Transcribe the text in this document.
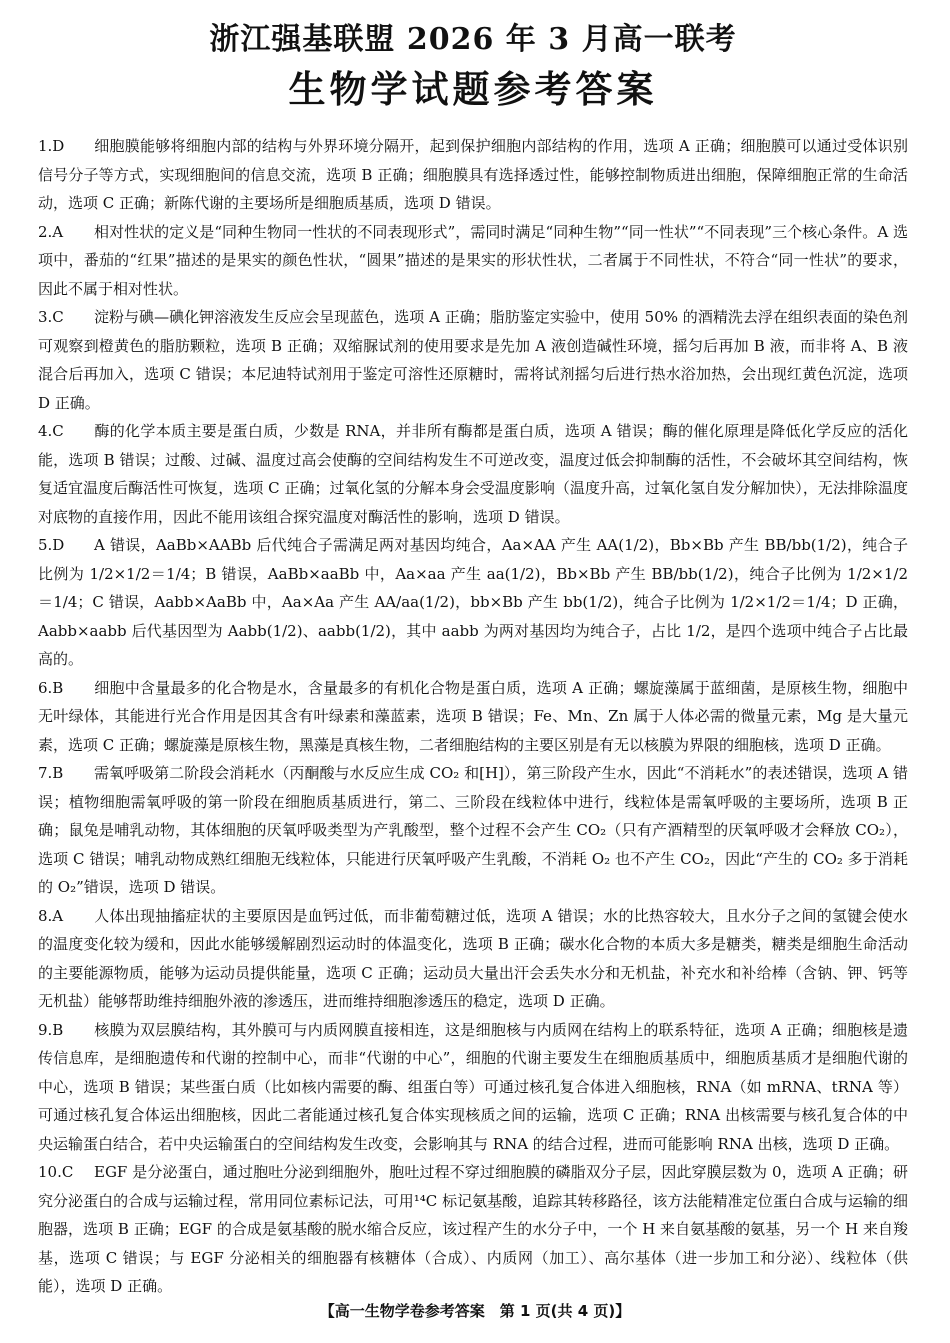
浙江强基联盟 2026 年 3 月高一联考
生物学试题参考答案

1.D 细胞膜能够将细胞内部的结构与外界环境分隔开，起到保护细胞内部结构的作用，选项 A 正确；细胞膜可以通过受体识别信号分子等方式，实现细胞间的信息交流，选项 B 正确；细胞膜具有选择透过性，能够控制物质进出细胞，保障细胞正常的生命活动，选项 C 正确；新陈代谢的主要场所是细胞质基质，选项 D 错误。

2.A 相对性状的定义是“同种生物同一性状的不同表现形式”，需同时满足“同种生物”“同一性状”“不同表现”三个核心条件。A 选项中，番茄的“红果”描述的是果实的颜色性状，“圆果”描述的是果实的形状性状，二者属于不同性状，不符合“同一性状”的要求，因此不属于相对性状。

3.C 淀粉与碘—碘化钾溶液发生反应会呈现蓝色，选项 A 正确；脂肪鉴定实验中，使用 50% 的酒精洗去浮在组织表面的染色剂可观察到橙黄色的脂肪颗粒，选项 B 正确；双缩脲试剂的使用要求是先加 A 液创造碱性环境，摇匀后再加 B 液，而非将 A、B 液混合后再加入，选项 C 错误；本尼迪特试剂用于鉴定可溶性还原糖时，需将试剂摇匀后进行热水浴加热，会出现红黄色沉淀，选项 D 正确。

4.C 酶的化学本质主要是蛋白质，少数是 RNA，并非所有酶都是蛋白质，选项 A 错误；酶的催化原理是降低化学反应的活化能，选项 B 错误；过酸、过碱、温度过高会使酶的空间结构发生不可逆改变，温度过低会抑制酶的活性，不会破坏其空间结构，恢复适宜温度后酶活性可恢复，选项 C 正确；过氧化氢的分解本身会受温度影响（温度升高，过氧化氢自发分解加快），无法排除温度对底物的直接作用，因此不能用该组合探究温度对酶活性的影响，选项 D 错误。

5.D A 错误，AaBb×AABb 后代纯合子需满足两对基因均纯合，Aa×AA 产生 AA(1/2)，Bb×Bb 产生 BB/bb(1/2)，纯合子比例为 1/2×1/2＝1/4；B 错误，AaBb×aaBb 中，Aa×aa 产生 aa(1/2)，Bb×Bb 产生 BB/bb(1/2)，纯合子比例为 1/2×1/2＝1/4；C 错误，Aabb×AaBb 中，Aa×Aa 产生 AA/aa(1/2)，bb×Bb 产生 bb(1/2)，纯合子比例为 1/2×1/2＝1/4；D 正确，Aabb×aabb 后代基因型为 Aabb(1/2)、aabb(1/2)，其中 aabb 为两对基因均为纯合子，占比 1/2，是四个选项中纯合子占比最高的。

6.B 细胞中含量最多的化合物是水，含量最多的有机化合物是蛋白质，选项 A 正确；螺旋藻属于蓝细菌，是原核生物，细胞中无叶绿体，其能进行光合作用是因其含有叶绿素和藻蓝素，选项 B 错误；Fe、Mn、Zn 属于人体必需的微量元素，Mg 是大量元素，选项 C 正确；螺旋藻是原核生物，黑藻是真核生物，二者细胞结构的主要区别是有无以核膜为界限的细胞核，选项 D 正确。

7.B 需氧呼吸第二阶段会消耗水（丙酮酸与水反应生成 CO₂ 和[H]），第三阶段产生水，因此“不消耗水”的表述错误，选项 A 错误；植物细胞需氧呼吸的第一阶段在细胞质基质进行，第二、三阶段在线粒体中进行，线粒体是需氧呼吸的主要场所，选项 B 正确；鼠兔是哺乳动物，其体细胞的厌氧呼吸类型为产乳酸型，整个过程不会产生 CO₂（只有产酒精型的厌氧呼吸才会释放 CO₂），选项 C 错误；哺乳动物成熟红细胞无线粒体，只能进行厌氧呼吸产生乳酸，不消耗 O₂ 也不产生 CO₂，因此“产生的 CO₂ 多于消耗的 O₂”错误，选项 D 错误。

8.A 人体出现抽搐症状的主要原因是血钙过低，而非葡萄糖过低，选项 A 错误；水的比热容较大，且水分子之间的氢键会使水的温度变化较为缓和，因此水能够缓解剧烈运动时的体温变化，选项 B 正确；碳水化合物的本质大多是糖类，糖类是细胞生命活动的主要能源物质，能够为运动员提供能量，选项 C 正确；运动员大量出汗会丢失水分和无机盐，补充水和补给棒（含钠、钾、钙等无机盐）能够帮助维持细胞外液的渗透压，进而维持细胞渗透压的稳定，选项 D 正确。

9.B 核膜为双层膜结构，其外膜可与内质网膜直接相连，这是细胞核与内质网在结构上的联系特征，选项 A 正确；细胞核是遗传信息库，是细胞遗传和代谢的控制中心，而非“代谢的中心”，细胞的代谢主要发生在细胞质基质中，细胞质基质才是细胞代谢的中心，选项 B 错误；某些蛋白质（比如核内需要的酶、组蛋白等）可通过核孔复合体进入细胞核，RNA（如 mRNA、tRNA 等）可通过核孔复合体运出细胞核，因此二者能通过核孔复合体实现核质之间的运输，选项 C 正确；RNA 出核需要与核孔复合体的中央运输蛋白结合，若中央运输蛋白的空间结构发生改变，会影响其与 RNA 的结合过程，进而可能影响 RNA 出核，选项 D 正确。

10.C EGF 是分泌蛋白，通过胞吐分泌到细胞外，胞吐过程不穿过细胞膜的磷脂双分子层，因此穿膜层数为 0，选项 A 正确；研究分泌蛋白的合成与运输过程，常用同位素标记法，可用¹⁴C 标记氨基酸，追踪其转移路径，该方法能精准定位蛋白合成与运输的细胞器，选项 B 正确；EGF 的合成是氨基酸的脱水缩合反应，该过程产生的水分子中，一个 H 来自氨基酸的氨基，另一个 H 来自羧基，选项 C 错误；与 EGF 分泌相关的细胞器有核糖体（合成）、内质网（加工）、高尔基体（进一步加工和分泌）、线粒体（供能），选项 D 正确。

【高一生物学卷参考答案　第 1 页(共 4 页)】
